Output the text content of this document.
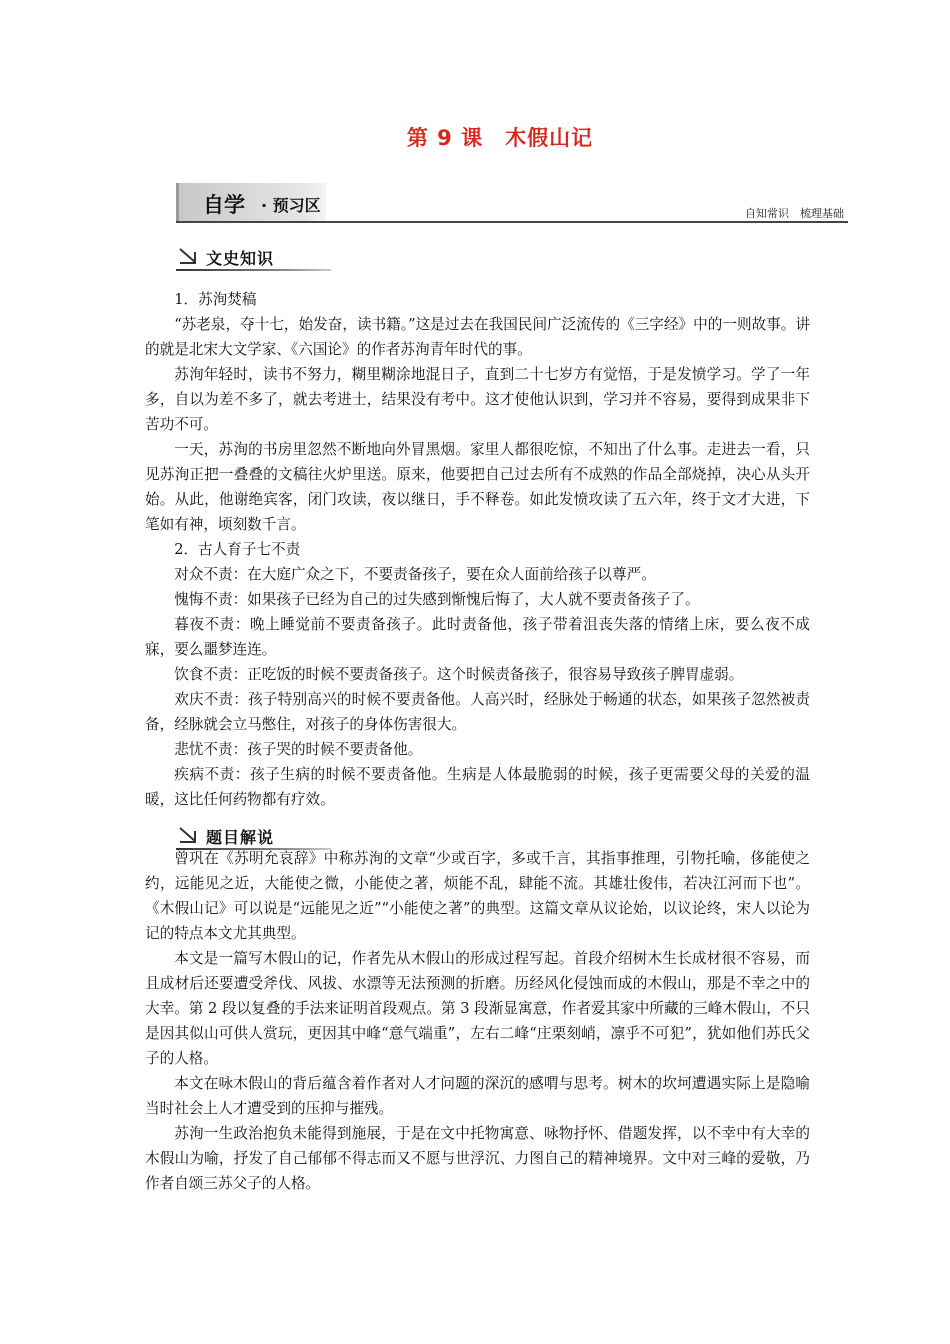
第 9 课　木假山记
自学 · 预习区	自知常识　梳理基础
文史知识
题目解说

1．苏洵焚稿

“苏老泉，夺十七，始发奋，读书籍。”这是过去在我国民间广泛流传的《三字经》中的一则故事。讲的就是北宋大文学家、《六国论》的作者苏洵青年时代的事。

苏洵年轻时，读书不努力，糊里糊涂地混日子，直到二十七岁方有觉悟，于是发愤学习。学了一年多，自以为差不多了，就去考进士，结果没有考中。这才使他认识到，学习并不容易，要得到成果非下苦功不可。

一天，苏洵的书房里忽然不断地向外冒黑烟。家里人都很吃惊，不知出了什么事。走进去一看，只见苏洵正把一叠叠的文稿往火炉里送。原来，他要把自己过去所有不成熟的作品全部烧掉，决心从头开始。从此，他谢绝宾客，闭门攻读，夜以继日，手不释卷。如此发愤攻读了五六年，终于文才大进，下笔如有神，顷刻数千言。

2．古人育子七不责

对众不责：在大庭广众之下，不要责备孩子，要在众人面前给孩子以尊严。

愧悔不责：如果孩子已经为自己的过失感到惭愧后悔了，大人就不要责备孩子了。

暮夜不责：晚上睡觉前不要责备孩子。此时责备他，孩子带着沮丧失落的情绪上床，要么夜不成寐，要么噩梦连连。

饮食不责：正吃饭的时候不要责备孩子。这个时候责备孩子，很容易导致孩子脾胃虚弱。

欢庆不责：孩子特别高兴的时候不要责备他。人高兴时，经脉处于畅通的状态，如果孩子忽然被责备，经脉就会立马憋住，对孩子的身体伤害很大。

悲忧不责：孩子哭的时候不要责备他。

疾病不责：孩子生病的时候不要责备他。生病是人体最脆弱的时候，孩子更需要父母的关爱的温暖，这比任何药物都有疗效。

曾巩在《苏明允哀辞》中称苏洵的文章“少或百字，多或千言，其指事推理，引物托喻，侈能使之约，远能见之近，大能使之微，小能使之著，烦能不乱，肆能不流。其雄壮俊伟，若决江河而下也”。《木假山记》可以说是“远能见之近”“小能使之著”的典型。这篇文章从议论始，以议论终，宋人以论为记的特点本文尤其典型。

本文是一篇写木假山的记，作者先从木假山的形成过程写起。首段介绍树木生长成材很不容易，而且成材后还要遭受斧伐、风拔、水漂等无法预测的折磨。历经风化侵蚀而成的木假山，那是不幸之中的大幸。第 2 段以复叠的手法来证明首段观点。第 3 段渐显寓意，作者爱其家中所藏的三峰木假山，不只是因其似山可供人赏玩，更因其中峰“意气端重”，左右二峰“庄栗刻峭，凛乎不可犯”，犹如他们苏氏父子的人格。

本文在咏木假山的背后蕴含着作者对人才问题的深沉的感喟与思考。树木的坎坷遭遇实际上是隐喻当时社会上人才遭受到的压抑与摧残。

苏洵一生政治抱负未能得到施展，于是在文中托物寓意、咏物抒怀、借题发挥，以不幸中有大幸的木假山为喻，抒发了自己郁郁不得志而又不愿与世浮沉、力图自己的精神境界。文中对三峰的爱敬，乃作者自颂三苏父子的人格。
